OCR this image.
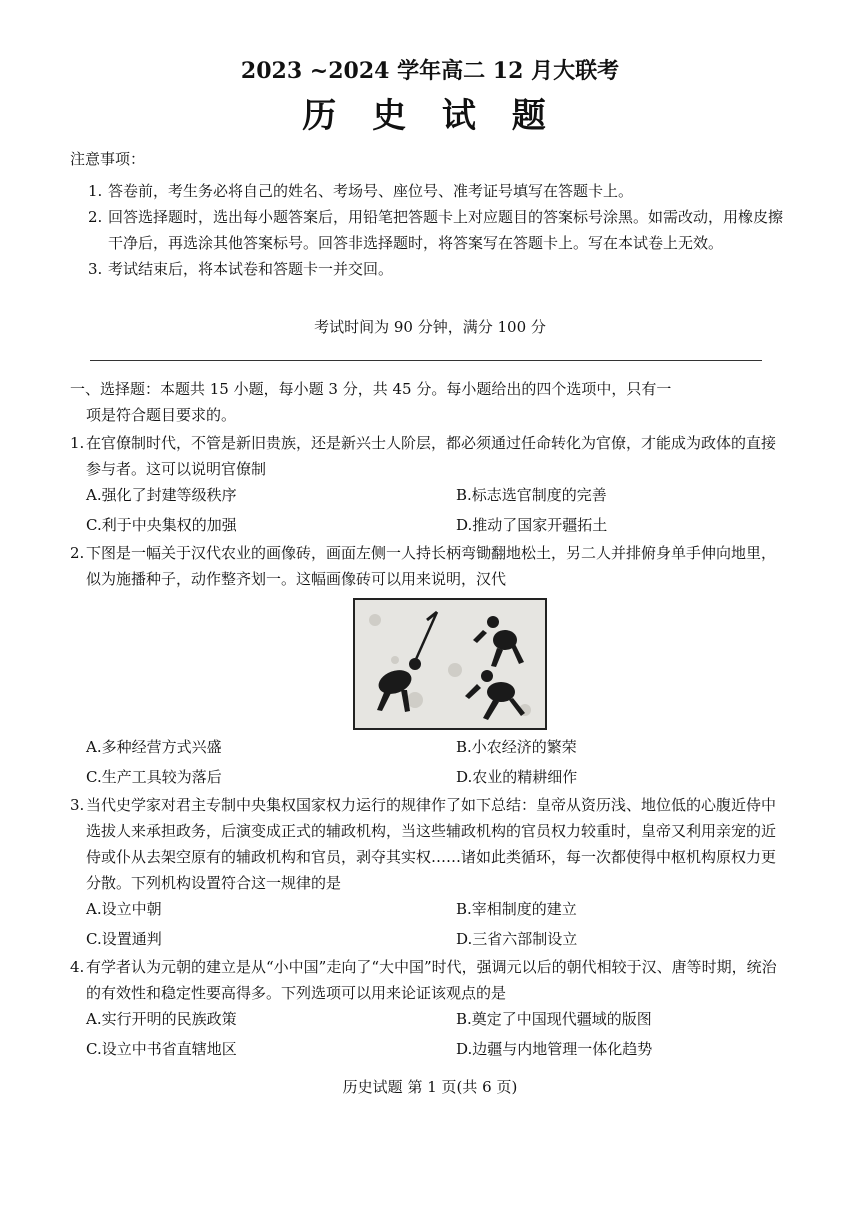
2023 ~2024 学年高二 12 月大联考
历 史 试 题
注意事项：
1. 答卷前，考生务必将自己的姓名、考场号、座位号、准考证号填写在答题卡上。
2. 回答选择题时，选出每小题答案后，用铅笔把答题卡上对应题目的答案标号涂黑。如需改动，用橡皮擦干净后，再选涂其他答案标号。回答非选择题时，将答案写在答题卡上。写在本试卷上无效。
3. 考试结束后，将本试卷和答题卡一并交回。
考试时间为 90 分钟，满分 100 分
一、选择题：本题共 15 小题，每小题 3 分，共 45 分。每小题给出的四个选项中，只有一
项是符合题目要求的。
1. 在官僚制时代，不管是新旧贵族，还是新兴士人阶层，都必须通过任命转化为官僚，才能成为政体的直接参与者。这可以说明官僚制
A.强化了封建等级秩序	B.标志选官制度的完善
C.利于中央集权的加强	D.推动了国家开疆拓土
2. 下图是一幅关于汉代农业的画像砖，画面左侧一人持长柄弯锄翻地松土，另二人并排俯身单手伸向地里，似为施播种子，动作整齐划一。这幅画像砖可以用来说明，汉代
A.多种经营方式兴盛	B.小农经济的繁荣
C.生产工具较为落后	D.农业的精耕细作
3. 当代史学家对君主专制中央集权国家权力运行的规律作了如下总结：皇帝从资历浅、地位低的心腹近侍中选拔人来承担政务，后演变成正式的辅政机构，当这些辅政机构的官员权力较重时，皇帝又利用亲宠的近侍或仆从去架空原有的辅政机构和官员，剥夺其实权……诸如此类循环，每一次都使得中枢机构原权力更分散。下列机构设置符合这一规律的是
A.设立中朝	B.宰相制度的建立
C.设置通判	D.三省六部制设立
4. 有学者认为元朝的建立是从“小中国”走向了“大中国”时代，强调元以后的朝代相较于汉、唐等时期，统治的有效性和稳定性要高得多。下列选项可以用来论证该观点的是
A.实行开明的民族政策	B.奠定了中国现代疆域的版图
C.设立中书省直辖地区	D.边疆与内地管理一体化趋势
历史试题 第 1 页(共 6 页)
